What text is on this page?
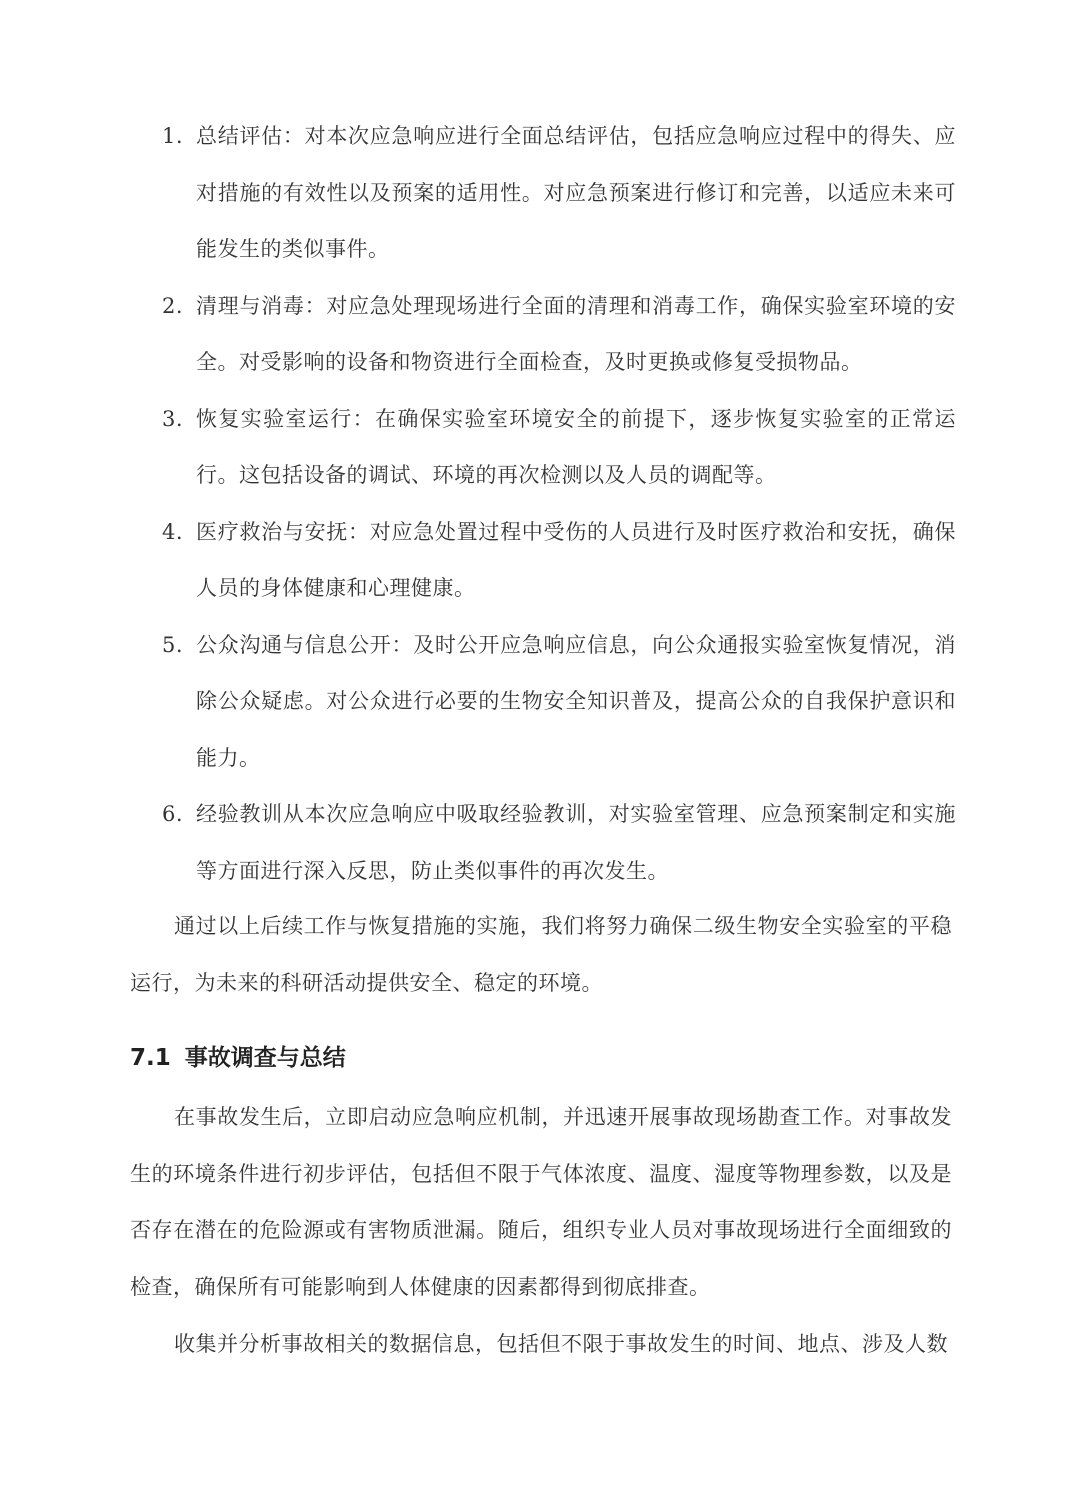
1. 总结评估：对本次应急响应进行全面总结评估，包括应急响应过程中的得失、应对措施的有效性以及预案的适用性。对应急预案进行修订和完善，以适应未来可能发生的类似事件。
2. 清理与消毒：对应急处理现场进行全面的清理和消毒工作，确保实验室环境的安全。对受影响的设备和物资进行全面检查，及时更换或修复受损物品。
3. 恢复实验室运行：在确保实验室环境安全的前提下，逐步恢复实验室的正常运行。这包括设备的调试、环境的再次检测以及人员的调配等。
4. 医疗救治与安抚：对应急处置过程中受伤的人员进行及时医疗救治和安抚，确保人员的身体健康和心理健康。
5. 公众沟通与信息公开：及时公开应急响应信息，向公众通报实验室恢复情况，消除公众疑虑。对公众进行必要的生物安全知识普及，提高公众的自我保护意识和能力。
6. 经验教训从本次应急响应中吸取经验教训，对实验室管理、应急预案制定和实施等方面进行深入反思，防止类似事件的再次发生。

通过以上后续工作与恢复措施的实施，我们将努力确保二级生物安全实验室的平稳运行，为未来的科研活动提供安全、稳定的环境。

7.1 事故调查与总结

在事故发生后，立即启动应急响应机制，并迅速开展事故现场勘查工作。对事故发生的环境条件进行初步评估，包括但不限于气体浓度、温度、湿度等物理参数，以及是否存在潜在的危险源或有害物质泄漏。随后，组织专业人员对事故现场进行全面细致的检查，确保所有可能影响到人体健康的因素都得到彻底排查。

收集并分析事故相关的数据信息，包括但不限于事故发生的时间、地点、涉及人数
